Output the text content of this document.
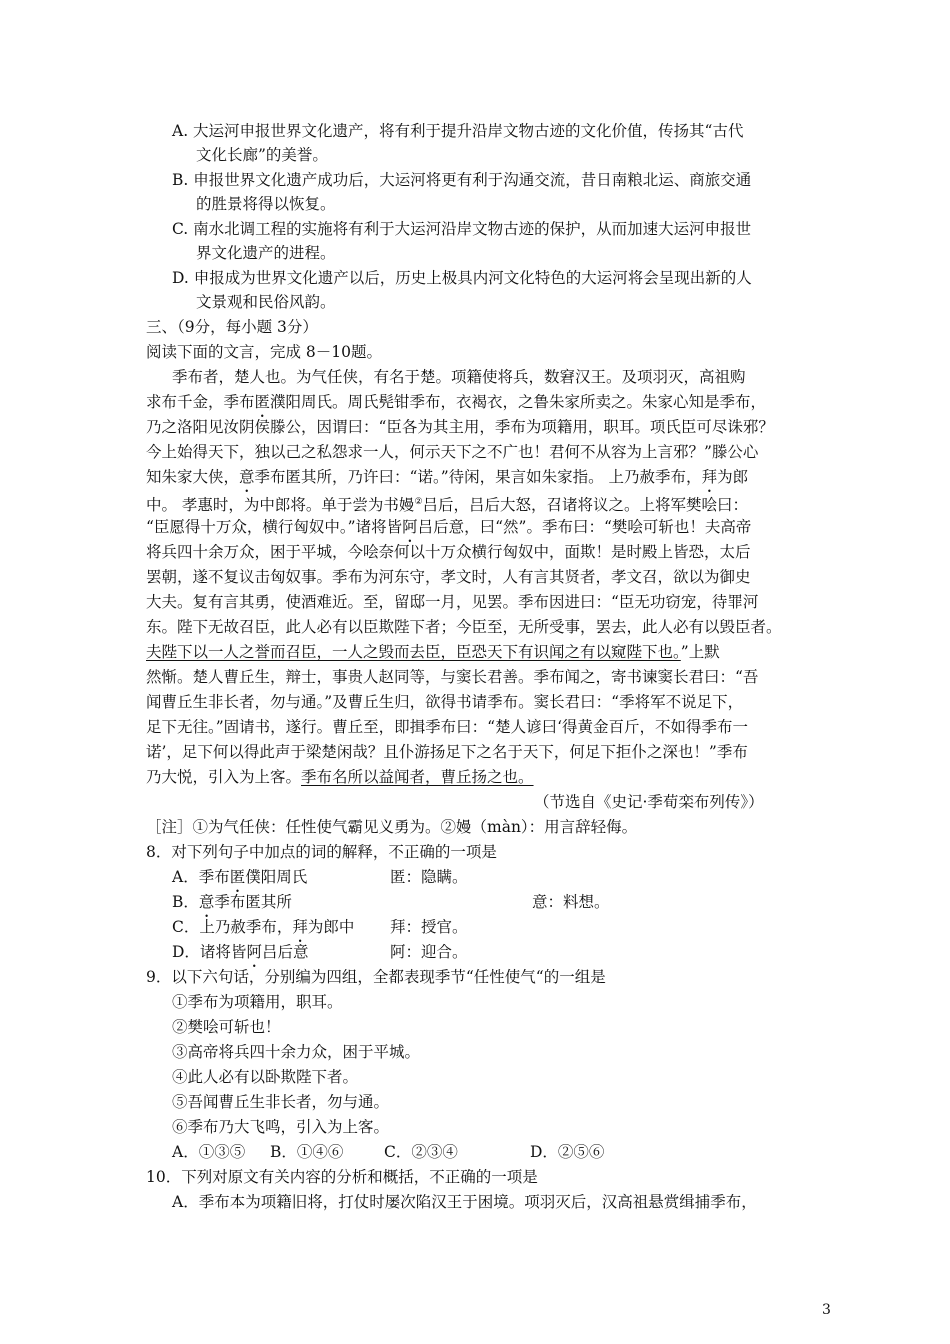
A. 大运河申报世界文化遗产，将有利于提升沿岸文物古迹的文化价值，传扬其“古代
文化长廊”的美誉。
B. 申报世界文化遗产成功后，大运河将更有利于沟通交流，昔日南粮北运、商旅交通
的胜景将得以恢复。
C. 南水北调工程的实施将有利于大运河沿岸文物古迹的保护，从而加速大运河申报世
界文化遗产的进程。
D. 申报成为世界文化遗产以后，历史上极具内河文化特色的大运河将会呈现出新的人
文景观和民俗风韵。
三、（9分，每小题 3分）
阅读下面的文言，完成 8－10题。
季布者，楚人也。为气任侠，有名于楚。项籍使将兵，数窘汉王。及项羽灭，高祖购
求布千金，季布匿濮阳周氏。周氏髡钳季布，衣褐衣，之鲁朱家所卖之。朱家心知是季布，
乃之洛阳见汝阴侯滕公，因谓曰：“臣各为其主用，季布为项籍用，职耳。项氏臣可尽诛邪？
今上始得天下，独以己之私怨求一人，何示天下之不广也！君何不从容为上言邪？”滕公心
知朱家大侠，意季布匿其所，乃许曰：“诺。”待闲，果言如朱家指。 上乃赦季布，拜为郎
中。 孝惠时，为中郎将。单于尝为书嫚②吕后，吕后大怒，召诸将议之。上将军樊哙曰：
“臣愿得十万众，横行匈奴中。”诸将皆阿吕后意，曰“然”。季布曰：“樊哙可斩也！夫高帝
将兵四十余万众，困于平城，今哙奈何以十万众横行匈奴中，面欺！是时殿上皆恐，太后
罢朝，遂不复议击匈奴事。季布为河东守，孝文时，人有言其贤者，孝文召，欲以为御史
大夫。复有言其勇，使酒难近。至，留邸一月，见罢。季布因进曰：“臣无功窃宠，待罪河
东。陛下无故召臣，此人必有以臣欺陛下者；今臣至，无所受事，罢去，此人必有以毁臣者。
夫陛下以一人之誉而召臣，一人之毁而去臣，臣恐天下有识闻之有以窥陛下也。”上默
然惭。楚人曹丘生，辩士，事贵人赵同等，与窦长君善。季布闻之，寄书谏窦长君曰：“吾
闻曹丘生非长者，勿与通。”及曹丘生归，欲得书请季布。窦长君曰：“季将军不说足下，
足下无往。”固请书，遂行。曹丘至，即揖季布曰：“楚人谚曰‘得黄金百斤，不如得季布一
诺’，足下何以得此声于梁楚闲哉？且仆游扬足下之名于天下，何足下拒仆之深也！”季布
乃大悦，引入为上客。季布名所以益闻者，曹丘扬之也。
（节选自《史记·季荀栾布列传》）
［注］①为气任侠：任性使气霸见义勇为。②嫚（màn）：用言辞轻侮。
8．对下列句子中加点的词的解释，不正确的一项是
A．季布匿僕阳周氏	匿：隐瞒。
B．意季布匿其所	意：料想。
C．上乃赦季布，拜为郎中 拜：授官。
D．诸将皆阿吕后意	阿：迎合。
9．以下六句话，分别编为四组，全都表现季节“任性使气“的一组是
①季布为项籍用，职耳。
②樊哙可斩也！
③高帝将兵四十余力众，困于平城。
④此人必有以卧欺陛下者。
⑤吾闻曹丘生非长者，勿与通。
⑥季布乃大飞鸣，引入为上客。
A．①③⑤ B．①④⑥	C．②③④	D．②⑤⑥
10．下列对原文有关内容的分析和概括，不正确的一项是
A．季布本为项籍旧将，打仗时屡次陷汉王于困境。项羽灭后，汉高祖悬赏缉捕季布，
3
